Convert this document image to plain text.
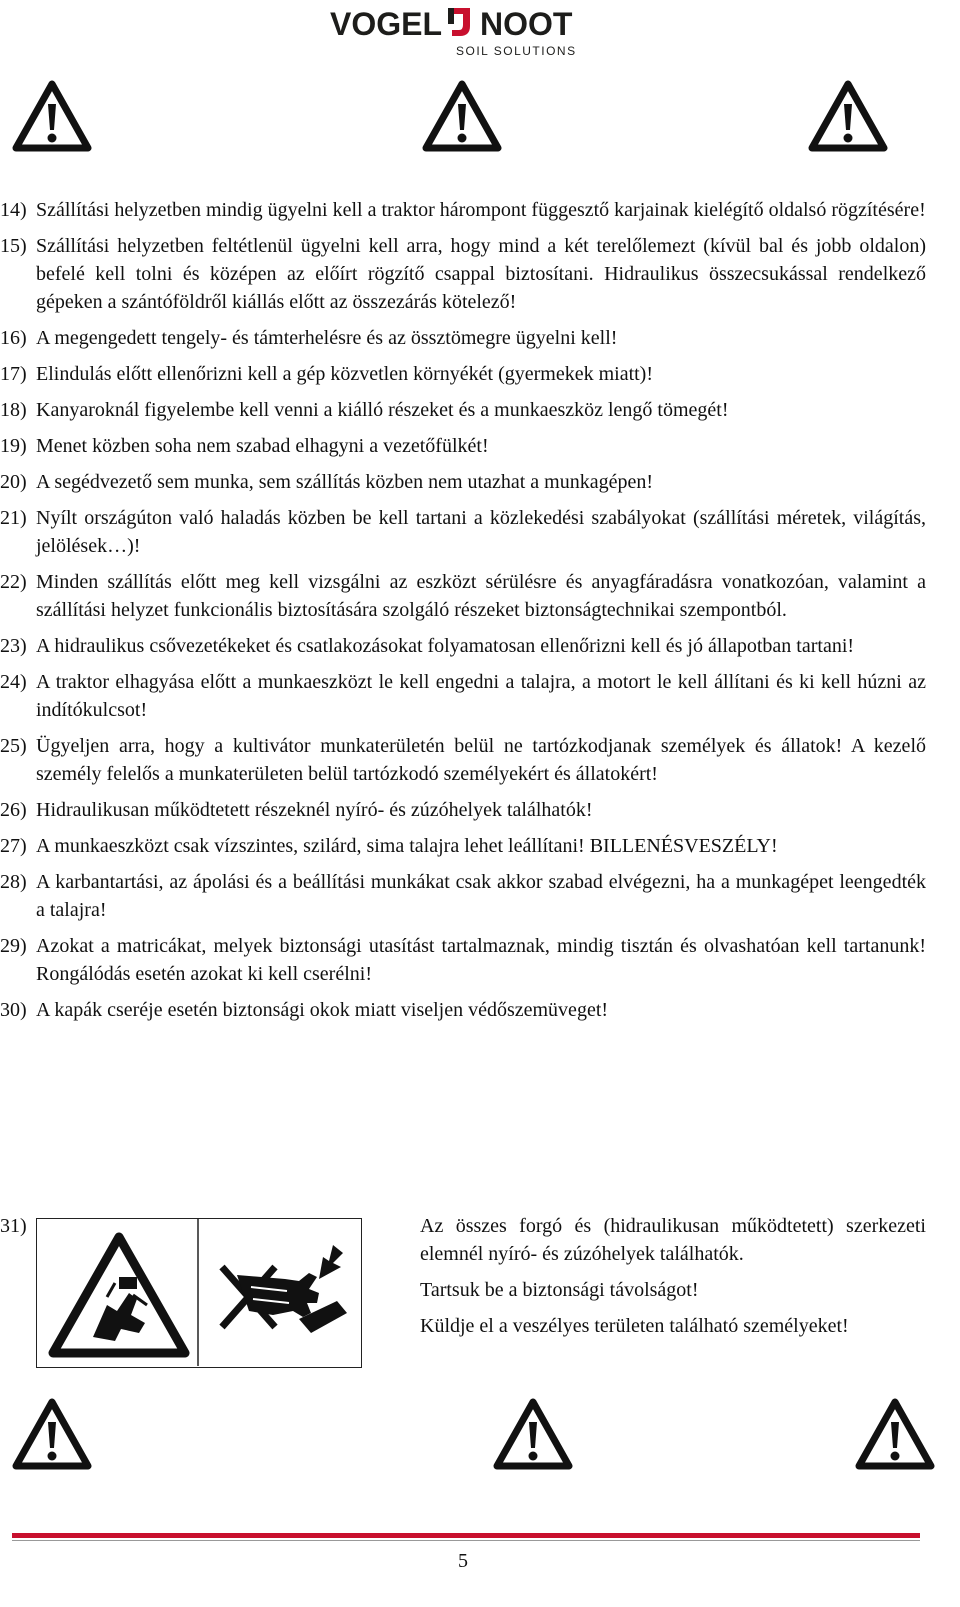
VOGEL NOOT
SOIL SOLUTIONS
14) Szállítási helyzetben mindig ügyelni kell a traktor hárompont függesztő karjainak kielégítő oldalsó rögzítésére!
15) Szállítási helyzetben feltétlenül ügyelni kell arra, hogy mind a két terelőlemezt (kívül bal és jobb oldalon) befelé kell tolni és középen az előírt rögzítő csappal biztosítani. Hidraulikus összecsukással rendelkező gépeken a szántóföldről kiállás előtt az összezárás kötelező!
16) A megengedett tengely- és támterhelésre és az össztömegre ügyelni kell!
17) Elindulás előtt ellenőrizni kell a gép közvetlen környékét (gyermekek miatt)!
18) Kanyaroknál figyelembe kell venni a kiálló részeket és a munkaeszköz lengő tömegét!
19) Menet közben soha nem szabad elhagyni a vezetőfülkét!
20) A segédvezető sem munka, sem szállítás közben nem utazhat a munkagépen!
21) Nyílt országúton való haladás közben be kell tartani a közlekedési szabályokat (szállítási méretek, világítás, jelölések…)!
22) Minden szállítás előtt meg kell vizsgálni az eszközt sérülésre és anyagfáradásra vonatkozóan, valamint a szállítási helyzet funkcionális biztosítására szolgáló részeket biztonságtechnikai szempontból.
23) A hidraulikus csővezetékeket és csatlakozásokat folyamatosan ellenőrizni kell és jó állapotban tartani!
24) A traktor elhagyása előtt a munkaeszközt le kell engedni a talajra, a motort le kell állítani és ki kell húzni az indítókulcsot!
25) Ügyeljen arra, hogy a kultivátor munkaterületén belül ne tartózkodjanak személyek és állatok! A kezelő személy felelős a munkaterületen belül tartózkodó személyekért és állatokért!
26) Hidraulikusan működtetett részeknél nyíró- és zúzóhelyek találhatók!
27) A munkaeszközt csak vízszintes, szilárd, sima talajra lehet leállítani! BILLENÉSVESZÉLY!
28) A karbantartási, az ápolási és a beállítási munkákat csak akkor szabad elvégezni, ha a munkagépet leengedték a talajra!
29) Azokat a matricákat, melyek biztonsági utasítást tartalmaznak, mindig tisztán és olvashatóan kell tartanunk! Rongálódás esetén azokat ki kell cserélni!
30) A kapák cseréje esetén biztonsági okok miatt viseljen védőszemüveget!
31)	Az összes forgó és (hidraulikusan működtetett) szerkezeti elemnél nyíró- és zúzóhelyek találhatók.

Tartsuk be a biztonsági távolságot!

Küldje el a veszélyes területen található személyeket!

5
